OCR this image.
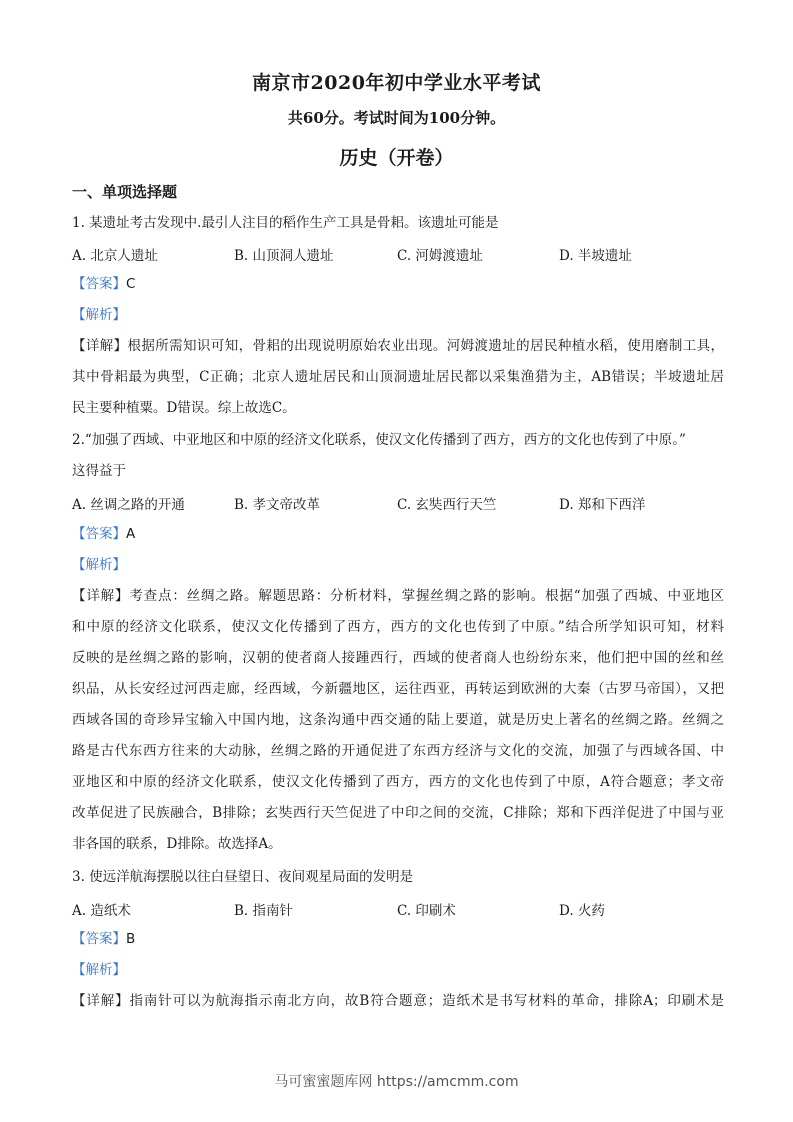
南京市2020年初中学业水平考试
共60分。考试时间为100分钟。
历史（开卷）
一、单项选择题
1. 某遗址考古发现中.最引人注目的稻作生产工具是骨耜。该遗址可能是
A. 北京人遗址	B. 山顶洞人遗址	C. 河姆渡遗址	D. 半坡遗址
【答案】C
【解析】
【详解】根据所需知识可知，骨耜的出现说明原始农业出现。河姆渡遗址的居民种植水稻，使用磨制工具，
其中骨耜最为典型，C正确；北京人遗址居民和山顶洞遗址居民都以采集渔猎为主，AB错误；半坡遗址居
民主要种植粟。D错误。综上故选C。
2.“加强了西域、中亚地区和中原的经济文化联系，使汉文化传播到了西方，西方的文化也传到了中原。”
这得益于
A. 丝调之路的开通	B. 孝文帝改革	C. 玄奘西行天竺	D. 郑和下西洋
【答案】A
【解析】
【详解】考查点：丝绸之路。解题思路：分析材料，掌握丝绸之路的影响。根据“加强了西城、中亚地区
和中原的经济文化联系，使汉文化传播到了西方，西方的文化也传到了中原。”结合所学知识可知，材料
反映的是丝绸之路的影响，汉朝的使者商人接踵西行，西域的使者商人也纷纷东来，他们把中国的丝和丝
织品，从长安经过河西走廊，经西域，今新疆地区，运往西亚，再转运到欧洲的大秦（古罗马帝国），又把
西域各国的奇珍异宝输入中国内地，这条沟通中西交通的陆上要道，就是历史上著名的丝绸之路。丝绸之
路是古代东西方往来的大动脉，丝绸之路的开通促进了东西方经济与文化的交流，加强了与西域各国、中
亚地区和中原的经济文化联系，使汉文化传播到了西方，西方的文化也传到了中原，A符合题意；孝文帝
改革促进了民族融合，B排除；玄奘西行天竺促进了中印之间的交流，C排除；郑和下西洋促进了中国与亚
非各国的联系，D排除。故选择A。
3. 使远洋航海摆脱以往白昼望日、夜间观星局面的发明是
A. 造纸术	B. 指南针	C. 印刷术	D. 火药
【答案】B
【解析】
【详解】指南针可以为航海指示南北方向，故B符合题意；造纸术是书写材料的革命，排除A；印刷术是
马可蜜蜜题库网 https://amcmm.com
